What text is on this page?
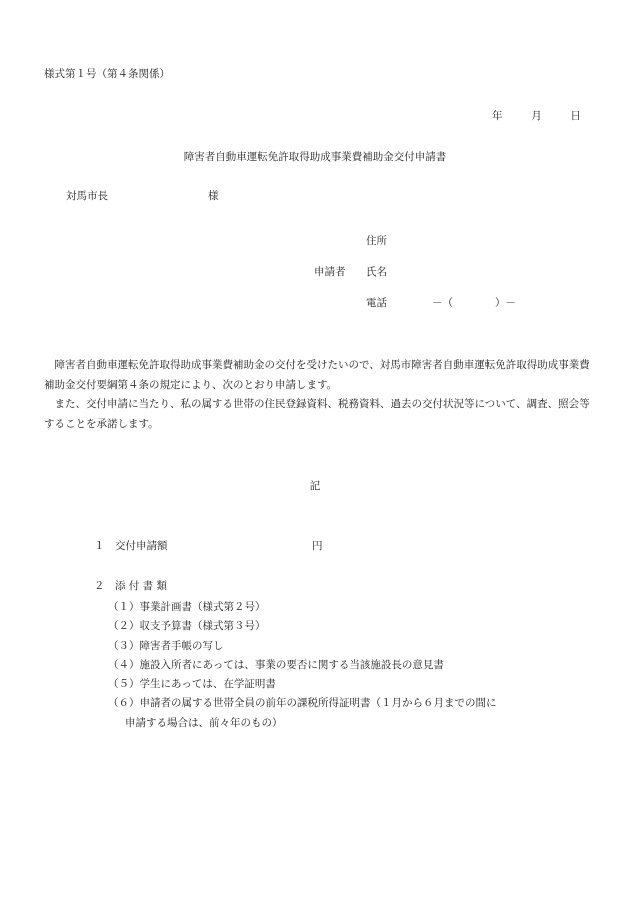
様式第１号（第４条関係）
年	月	日
障害者自動車運転免許取得助成事業費補助金交付申請書
対馬市長	様
住所
申請者 氏名
電話	－（　　　　）－

障害者自動車運転免許取得助成事業費補助金の交付を受けたいので、対馬市障害者自動車運転免許取得助成事業費補助金交付要綱第４条の規定により、次のとおり申請します。

また、交付申請に当たり、私の属する世帯の住民登録資料、税務資料、過去の交付状況等について、調査、照会等することを承諾します。

記
１　交付申請額	円
２　添 付 書 類
（１）事業計画書（様式第２号）
（２）収支予算書（様式第３号）
（３）障害者手帳の写し
（４）施設入所者にあっては、事業の要否に関する当該施設長の意見書
（５）学生にあっては、在学証明書
（６）申請者の属する世帯全員の前年の課税所得証明書（１月から６月までの間に
申請する場合は、前々年のもの）
